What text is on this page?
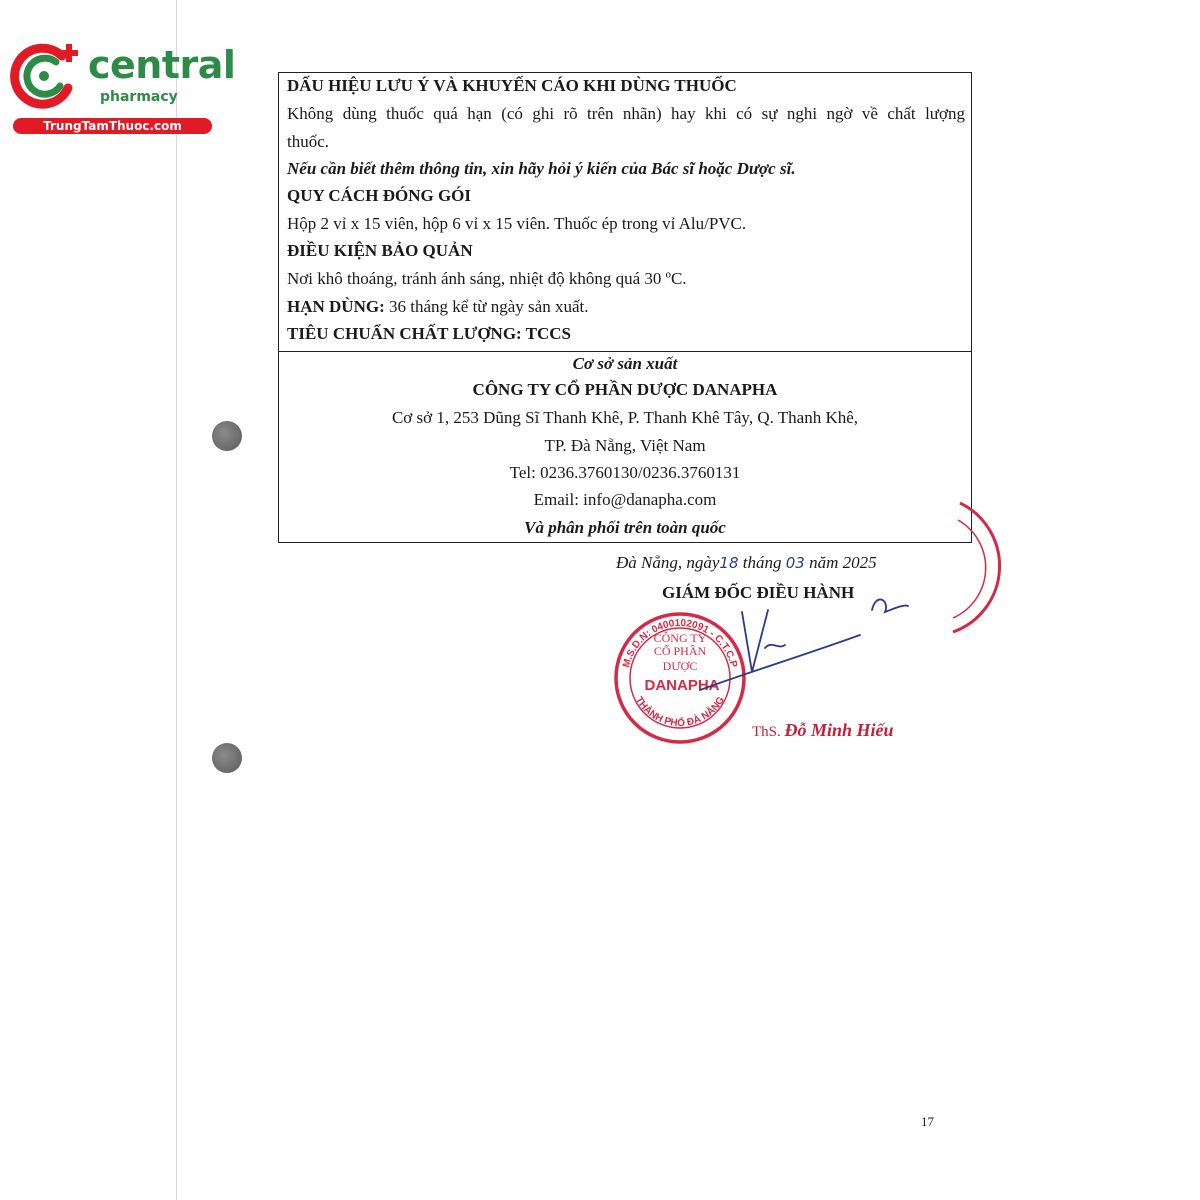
central
pharmacy
TrungTamThuoc.com
DẤU HIỆU LƯU Ý VÀ KHUYẾN CÁO KHI DÙNG THUỐC
Không dùng thuốc quá hạn (có ghi rõ trên nhãn) hay khi có sự nghi ngờ về chất lượng
thuốc.
Nếu cần biết thêm thông tin, xin hãy hỏi ý kiến của Bác sĩ hoặc Dược sĩ.
QUY CÁCH ĐÓNG GÓI
Hộp 2 vỉ x 15 viên, hộp 6 vỉ x 15 viên. Thuốc ép trong vỉ Alu/PVC.
ĐIỀU KIỆN BẢO QUẢN
Nơi khô thoáng, tránh ánh sáng, nhiệt độ không quá 30 ºC.
HẠN DÙNG: 36 tháng kể từ ngày sản xuất.
TIÊU CHUẨN CHẤT LƯỢNG: TCCS
Cơ sở sản xuất
CÔNG TY CỔ PHẦN DƯỢC DANAPHA
Cơ sở 1, 253 Dũng Sĩ Thanh Khê, P. Thanh Khê Tây, Q. Thanh Khê,
TP. Đà Nẵng, Việt Nam
Tel: 0236.3760130/0236.3760131
Email: info@danapha.com
Và phân phối trên toàn quốc
Đà Nẵng, ngày18 tháng 03 năm 2025
GIÁM ĐỐC ĐIỀU HÀNH
M.S.D.N: 0400102091 - C.T.C.P
THÀNH PHỐ ĐÀ NẴNG
CÔNG TY
CỔ PHẦN
DƯỢC
DANAPHA
ThS. Đỗ Minh Hiếu
17
